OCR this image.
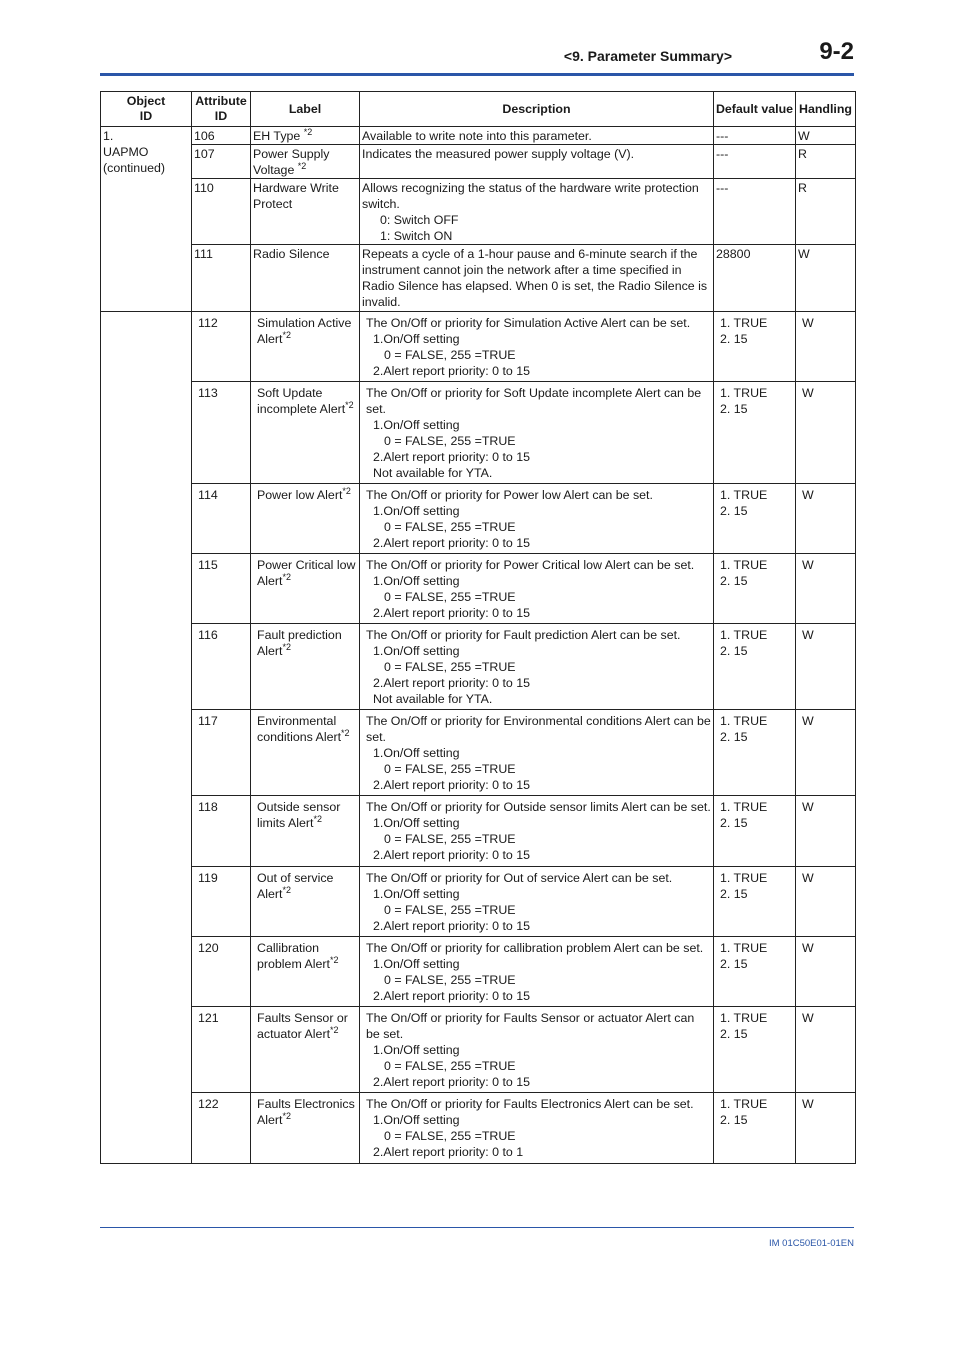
<9. Parameter Summary>	9-2
Object
ID	Attribute
ID	Label	Description	Default value	Handling

1.
UAPMO
(continued)	106	EH Type $^{*2}$	Available to write note into this parameter.	---	W
	107	Power Supply Voltage $^{*2}$	Indicates the measured power supply voltage (V).	---	R
	110	Hardware Write Protect	Allows recognizing the status of the hardware write protection switch.
0: Switch OFF
1: Switch ON	---	R
	111	Radio Silence	Repeats a cycle of a 1-hour pause and 6-minute search if the instrument cannot join the network after a time specified in Radio Silence has elapsed. When 0 is set, the Radio Silence is invalid.	28800	W
	112	Simulation Active Alert$^{*2}$	The On/Off or priority for Simulation Active Alert can be set.
1.On/Off setting
0 = FALSE, 255 =TRUE
2.Alert report priority: 0 to 15	1. TRUE
2. 15	W
	113	Soft Update incomplete Alert$^{*2}$	The On/Off or priority for Soft Update incomplete Alert can be set.
1.On/Off setting
0 = FALSE, 255 =TRUE
2.Alert report priority: 0 to 15
Not available for YTA.	1. TRUE
2. 15	W
	114	Power low Alert$^{*2}$	The On/Off or priority for Power low Alert can be set.
1.On/Off setting
0 = FALSE, 255 =TRUE
2.Alert report priority: 0 to 15	1. TRUE
2. 15	W
	115	Power Critical low Alert$^{*2}$	The On/Off or priority for Power Critical low Alert can be set.
1.On/Off setting
0 = FALSE, 255 =TRUE
2.Alert report priority: 0 to 15	1. TRUE
2. 15	W
	116	Fault prediction Alert$^{*2}$	The On/Off or priority for Fault prediction Alert can be set.
1.On/Off setting
0 = FALSE, 255 =TRUE
2.Alert report priority: 0 to 15
Not available for YTA.	1. TRUE
2. 15	W
	117	Environmental conditions Alert$^{*2}$	The On/Off or priority for Environmental conditions Alert can be set.
1.On/Off setting
0 = FALSE, 255 =TRUE
2.Alert report priority: 0 to 15	1. TRUE
2. 15	W
	118	Outside sensor limits Alert$^{*2}$	The On/Off or priority for Outside sensor limits Alert can be set.
1.On/Off setting
0 = FALSE, 255 =TRUE
2.Alert report priority: 0 to 15	1. TRUE
2. 15	W
	119	Out of service Alert$^{*2}$	The On/Off or priority for Out of service Alert can be set.
1.On/Off setting
0 = FALSE, 255 =TRUE
2.Alert report priority: 0 to 15	1. TRUE
2. 15	W
	120	Callibration problem Alert$^{*2}$	The On/Off or priority for callibration problem Alert can be set.
1.On/Off setting
0 = FALSE, 255 =TRUE
2.Alert report priority: 0 to 15	1. TRUE
2. 15	W
	121	Faults Sensor or actuator Alert$^{*2}$	The On/Off or priority for Faults Sensor or actuator Alert can be set.
1.On/Off setting
0 = FALSE, 255 =TRUE
2.Alert report priority: 0 to 15	1. TRUE
2. 15	W
	122	Faults Electronics Alert$^{*2}$	The On/Off or priority for Faults Electronics Alert can be set.
1.On/Off setting
0 = FALSE, 255 =TRUE
2.Alert report priority: 0 to 1	1. TRUE
2. 15	W
IM 01C50E01-01EN
